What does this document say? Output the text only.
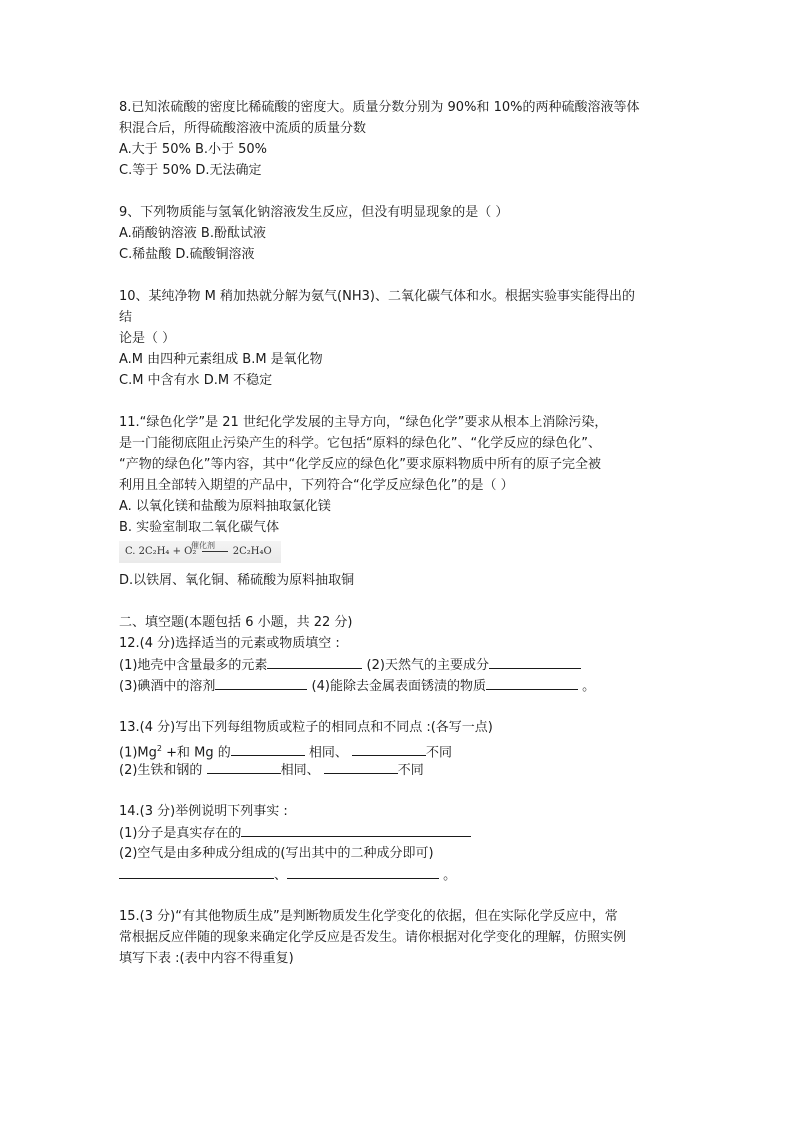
8.已知浓硫酸的密度比稀硫酸的密度大。质量分数分别为 90%和 10%的两种硫酸溶液等体
积混合后，所得硫酸溶液中流质的质量分数
A.大于 50% B.小于 50%
C.等于 50% D.无法确定
9、下列物质能与氢氧化钠溶液发生反应，但没有明显现象的是（ ）
A.硝酸钠溶液 B.酚酞试液
C.稀盐酸 D.硫酸铜溶液
10、某纯净物 M 稍加热就分解为氨气(NH3)、二氧化碳气体和水。根据实验事实能得出的
结
论是（ ）
A.M 由四种元素组成 B.M 是氧化物
C.M 中含有水 D.M 不稳定
11.“绿色化学”是 21 世纪化学发展的主导方向，“绿色化学”要求从根本上消除污染，
是一门能彻底阻止污染产生的科学。它包括“原料的绿色化”、“化学反应的绿色化”、
“产物的绿色化”等内容，其中“化学反应的绿色化”要求原料物质中所有的原子完全被
利用且全部转入期望的产品中，下列符合“化学反应绿色化”的是（ ）
A. 以氧化镁和盐酸为原料抽取氯化镁
B. 实验室制取二氧化碳气体
C. 2C₂H₄ + O₂
催化剂
2C₂H₄O
D.以铁屑、氧化铜、稀硫酸为原料抽取铜
二、填空题(本题包括 6 小题，共 22 分)
12.(4 分)选择适当的元素或物质填空 :
(1)地壳中含量最多的元素	(2)天然气的主要成分
(3)碘酒中的溶剂	(4)能除去金属表面锈渍的物质	。
13.(4 分)写出下列每组物质或粒子的相同点和不同点 :(各写一点)
$(1)Mg^2$ +和 Mg 的	相同、	不同
(2)生铁和钢的	相同、	不同
14.(3 分)举例说明下列事实 :
(1)分子是真实存在的
(2)空气是由多种成分组成的(写出其中的二种成分即可)
、	。
15.(3 分)“有其他物质生成”是判断物质发生化学变化的依据，但在实际化学反应中，常
常根据反应伴随的现象来确定化学反应是否发生。请你根据对化学变化的理解，仿照实例
填写下表 :(表中内容不得重复)
